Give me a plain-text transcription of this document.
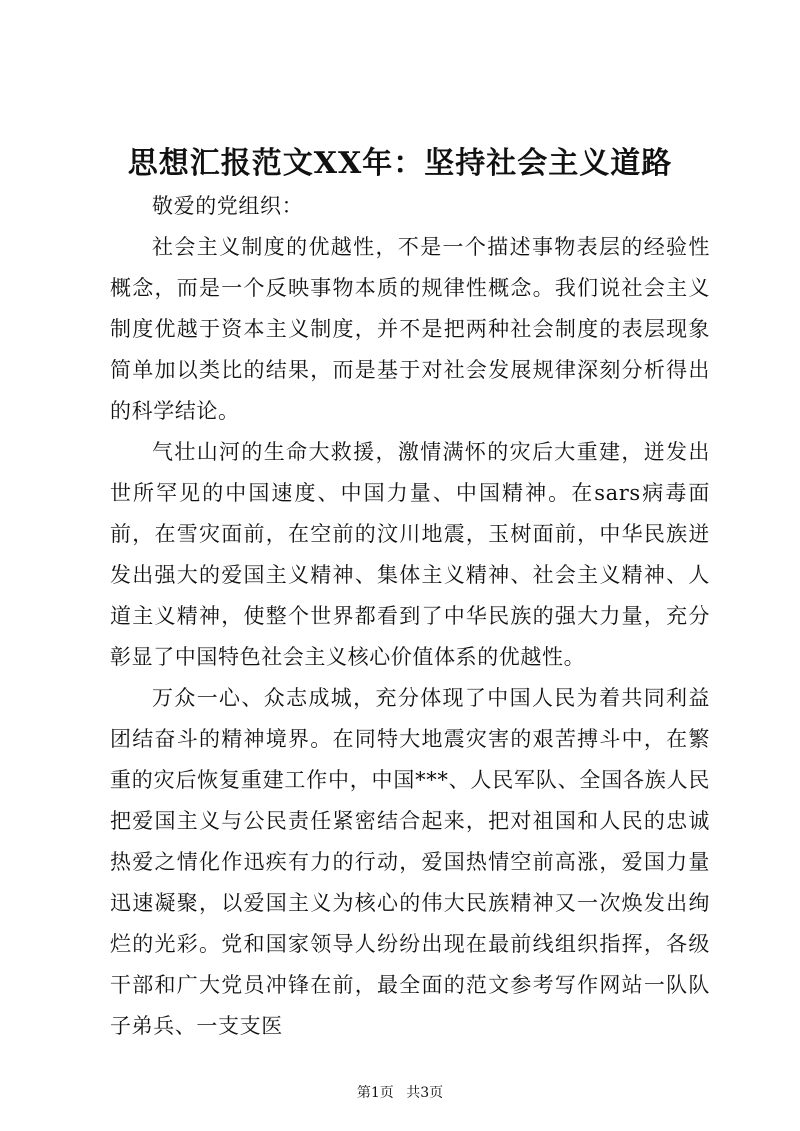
思想汇报范文XX年：坚持社会主义道路

敬爱的党组织：

社会主义制度的优越性，不是一个描述事物表层的经验性概念，而是一个反映事物本质的规律性概念。我们说社会主义制度优越于资本主义制度，并不是把两种社会制度的表层现象简单加以类比的结果，而是基于对社会发展规律深刻分析得出的科学结论。

气壮山河的生命大救援，激情满怀的灾后大重建，迸发出世所罕见的中国速度、中国力量、中国精神。在sars病毒面前，在雪灾面前，在空前的汶川地震，玉树面前，中华民族迸发出强大的爱国主义精神、集体主义精神、社会主义精神、人道主义精神，使整个世界都看到了中华民族的强大力量，充分彰显了中国特色社会主义核心价值体系的优越性。

万众一心、众志成城，充分体现了中国人民为着共同利益团结奋斗的精神境界。在同特大地震灾害的艰苦搏斗中，在繁重的灾后恢复重建工作中，中国***、人民军队、全国各族人民把爱国主义与公民责任紧密结合起来，把对祖国和人民的忠诚热爱之情化作迅疾有力的行动，爱国热情空前高涨，爱国力量迅速凝聚，以爱国主义为核心的伟大民族精神又一次焕发出绚烂的光彩。党和国家领导人纷纷出现在最前线组织指挥，各级干部和广大党员冲锋在前，最全面的范文参考写作网站一队队子弟兵、一支支医

第1页 共3页
